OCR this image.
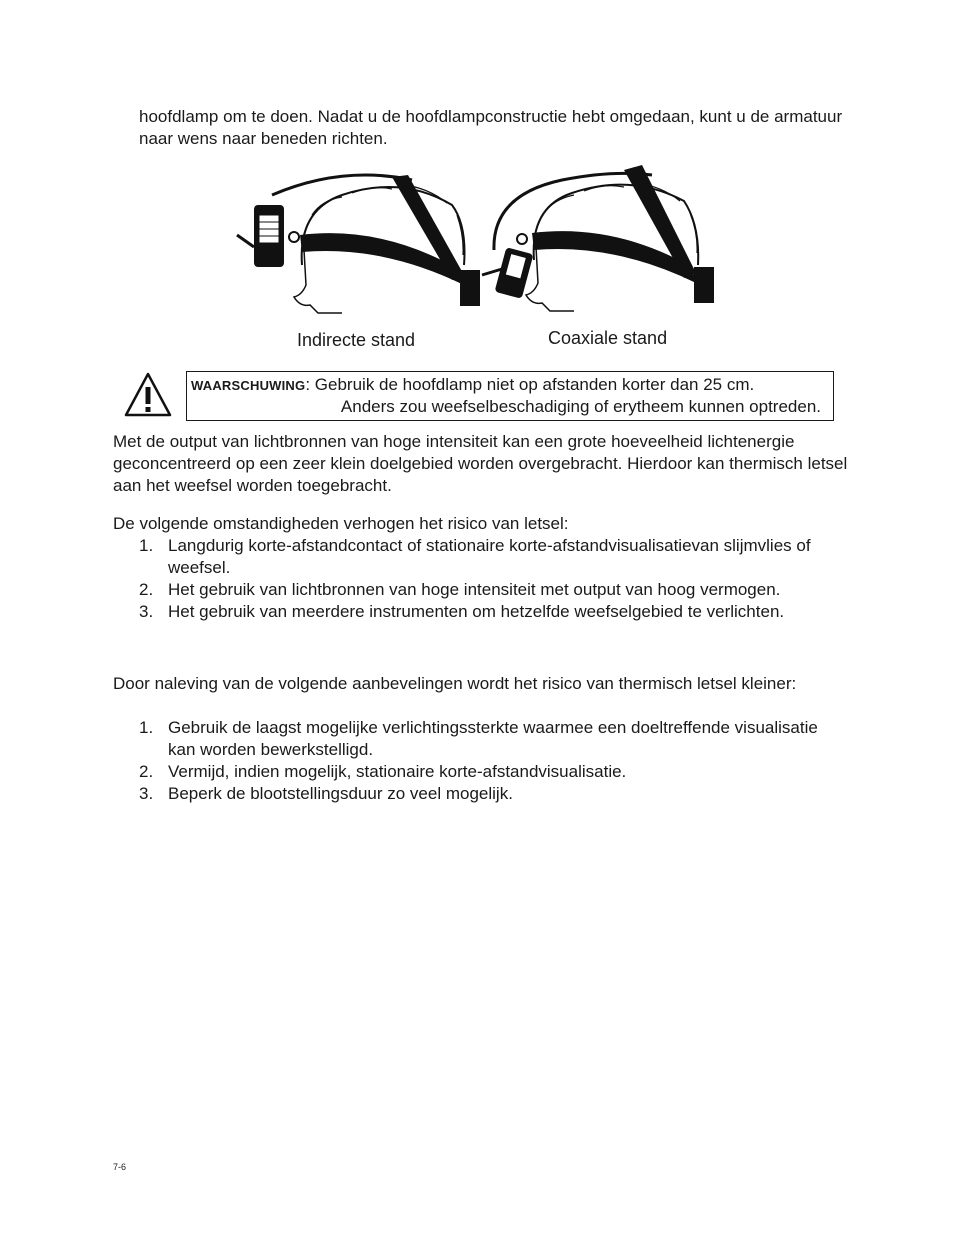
hoofdlamp om te doen. Nadat u de hoofdlampconstructie hebt omgedaan, kunt u de armatuur naar wens naar beneden richten.

Indirecte stand	Coaxiale stand

WAARSCHUWING: Gebruik de hoofdlamp niet op afstanden korter dan 25 cm.
Anders zou weefselbeschadiging of erytheem kunnen optreden.

Met de output van lichtbronnen van hoge intensiteit kan een grote hoeveelheid lichtenergie geconcentreerd op een zeer klein doelgebied worden overgebracht. Hierdoor kan thermisch letsel aan het weefsel worden toegebracht.

De volgende omstandigheden verhogen het risico van letsel:

1. Langdurig korte-afstandcontact of stationaire korte-afstandvisualisatievan slijmvlies of weefsel.
2. Het gebruik van lichtbronnen van hoge intensiteit met output van hoog vermogen.
3. Het gebruik van meerdere instrumenten om hetzelfde weefselgebied te verlichten.

Door naleving van de volgende aanbevelingen wordt het risico van thermisch letsel kleiner:

1. Gebruik de laagst mogelijke verlichtingssterkte waarmee een doeltreffende visualisatie kan worden bewerkstelligd.
2. Vermijd, indien mogelijk, stationaire korte-afstandvisualisatie.
3. Beperk de blootstellingsduur zo veel mogelijk.

7-6
